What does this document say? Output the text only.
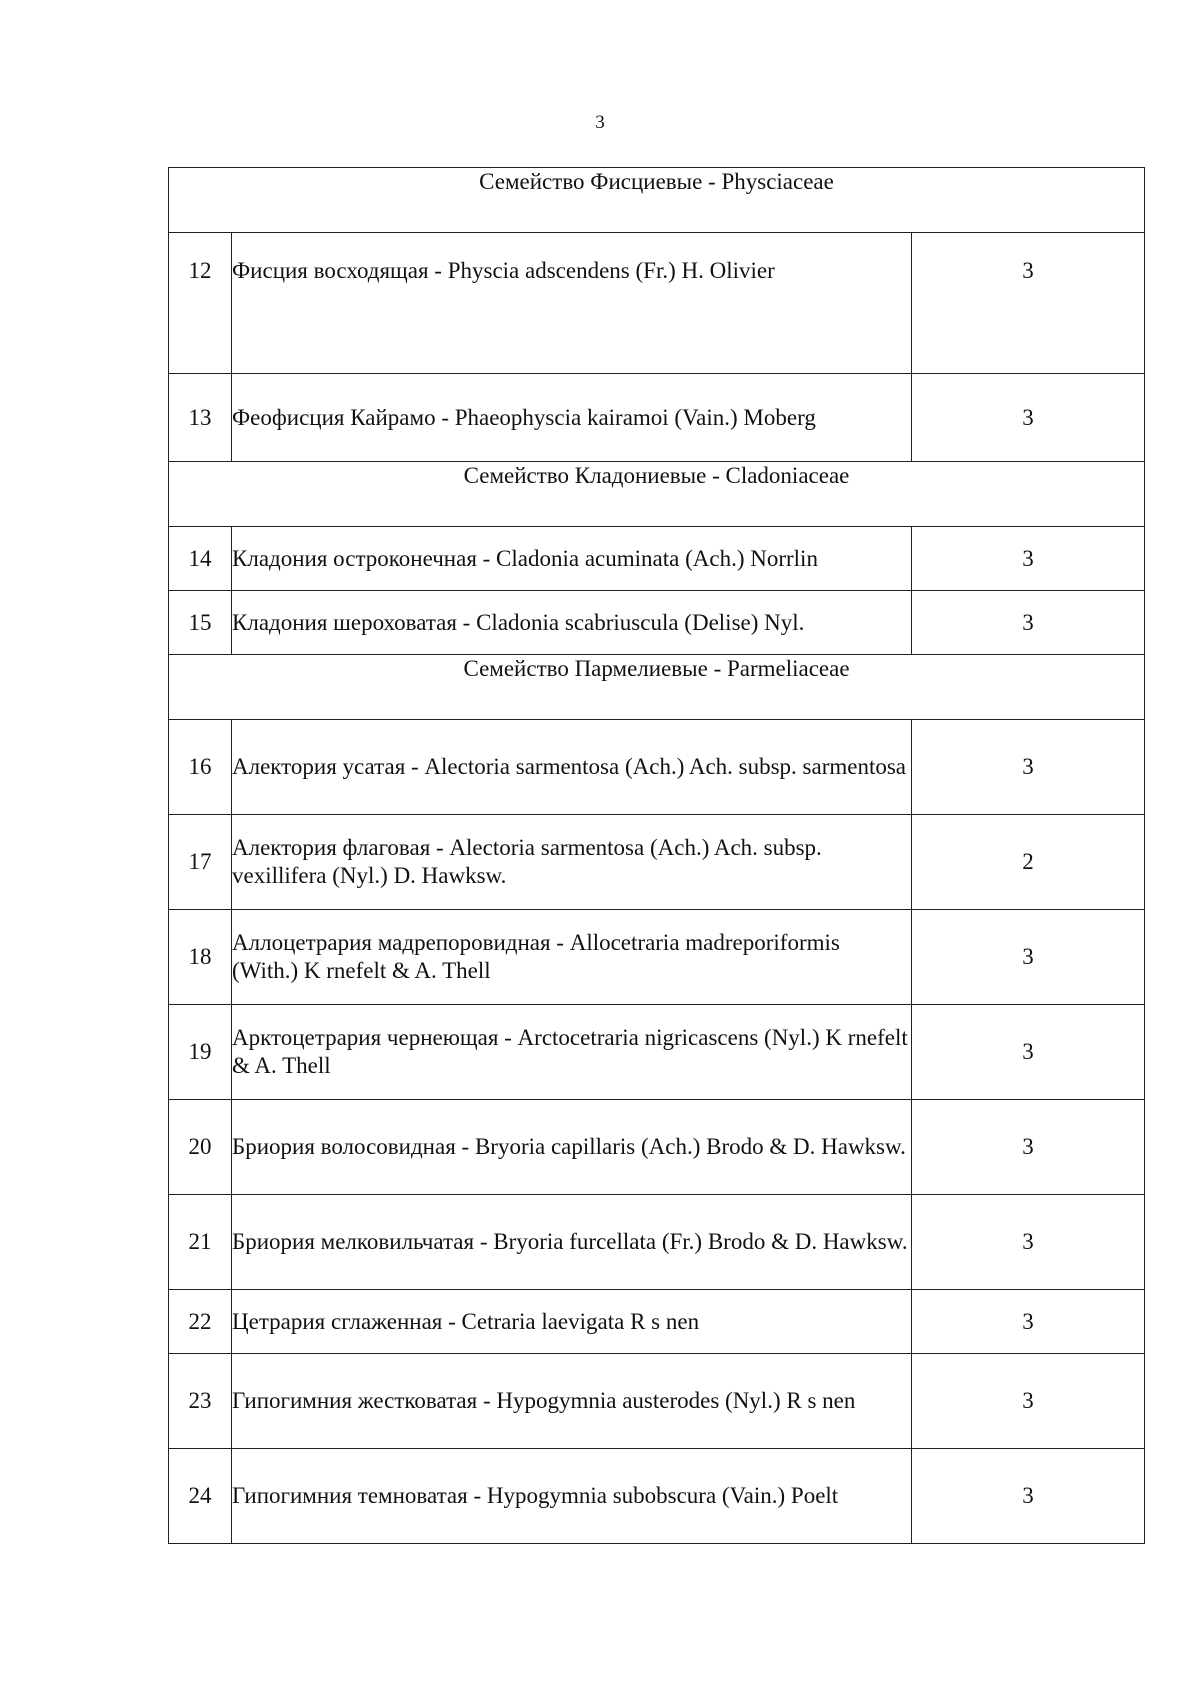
3
Семейство Фисциевые - Physciaceae		
12	Фисция восходящая - Physcia adscendens (Fr.) H. Olivier	3
13	Феофисция Кайрамо - Phaeophyscia kairamoi (Vain.) Moberg	3
Семейство Кладониевые - Cladoniaceae		
14	Кладония остроконечная - Cladonia acuminata (Ach.) Norrlin	3
15	Кладония шероховатая - Cladonia scabriuscula (Delise) Nyl.	3
Семейство Пармелиевые - Parmeliaceae		
16	Алектория усатая - Alectoria sarmentosa (Ach.) Ach. subsp. sarmentosa	3
17	Алектория флаговая - Alectoria sarmentosa (Ach.) Ach. subsp. vexillifera (Nyl.) D. Hawksw.	2
18	Аллоцетрария мадрепоровидная - Allocetraria madreporiformis (With.) K rnefelt & A. Thell	3
19	Арктоцетрария чернеющая - Arctocetraria nigricascens (Nyl.) K rnefelt & A. Thell	3
20	Бриория волосовидная - Bryoria capillaris (Ach.) Brodo & D. Hawksw.	3
21	Бриория мелковильчатая - Bryoria furcellata (Fr.) Brodo & D. Hawksw.	3
22	Цетрария сглаженная - Cetraria laevigata R s nen	3
23	Гипогимния жестковатая - Hypogymnia austerodes (Nyl.) R s nen	3
24	Гипогимния темноватая - Hypogymnia subobscura (Vain.) Poelt	3
